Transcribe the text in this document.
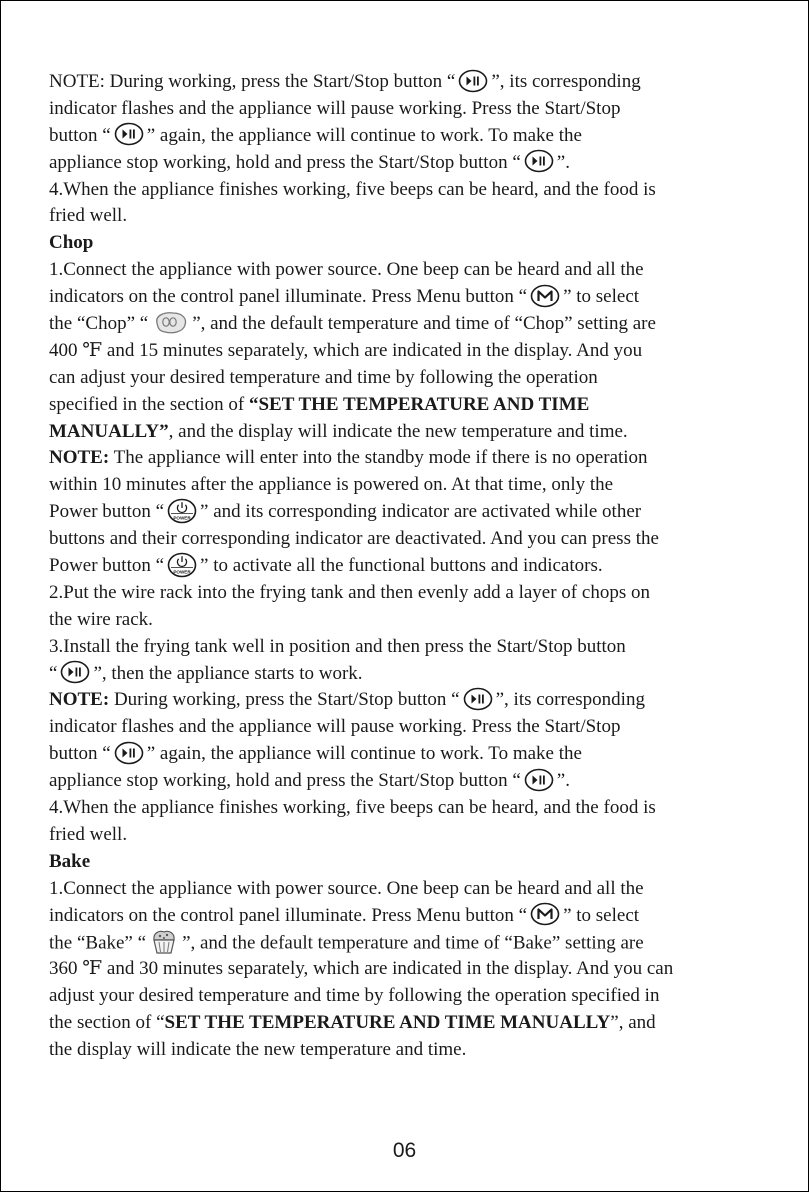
NOTE: During working, press the Start/Stop button “ ”, its corresponding
indicator flashes and the appliance will pause working. Press the Start/Stop
button “ ” again, the appliance will continue to work. To make the
appliance stop working, hold and press the Start/Stop button “ ”.
4.When the appliance finishes working, five beeps can be heard, and the food is
fried well.
Chop
1.Connect the appliance with power source. One beep can be heard and all the
indicators on the control panel illuminate. Press Menu button “ ” to select
the “Chop” “ ”, and the default temperature and time of “Chop” setting are
400 ℉ and 15 minutes separately, which are indicated in the display. And you
can adjust your desired temperature and time by following the operation
specified in the section of “SET THE TEMPERATURE AND TIME
MANUALLY”, and the display will indicate the new temperature and time.
NOTE: The appliance will enter into the standby mode if there is no operation
within 10 minutes after the appliance is powered on. At that time, only the
Power button “ POWER ” and its corresponding indicator are activated while other
buttons and their corresponding indicator are deactivated. And you can press the
Power button “ POWER ” to activate all the functional buttons and indicators.
2.Put the wire rack into the frying tank and then evenly add a layer of chops on
the wire rack.
3.Install the frying tank well in position and then press the Start/Stop button
“ ”, then the appliance starts to work.
NOTE: During working, press the Start/Stop button “ ”, its corresponding
indicator flashes and the appliance will pause working. Press the Start/Stop
button “ ” again, the appliance will continue to work. To make the
appliance stop working, hold and press the Start/Stop button “ ”.
4.When the appliance finishes working, five beeps can be heard, and the food is
fried well.
Bake
1.Connect the appliance with power source. One beep can be heard and all the
indicators on the control panel illuminate. Press Menu button “ ” to select
the “Bake” “ ”, and the default temperature and time of “Bake” setting are
360 ℉ and 30 minutes separately, which are indicated in the display. And you can
adjust your desired temperature and time by following the operation specified in
the section of “SET THE TEMPERATURE AND TIME MANUALLY”, and
the display will indicate the new temperature and time.
06
